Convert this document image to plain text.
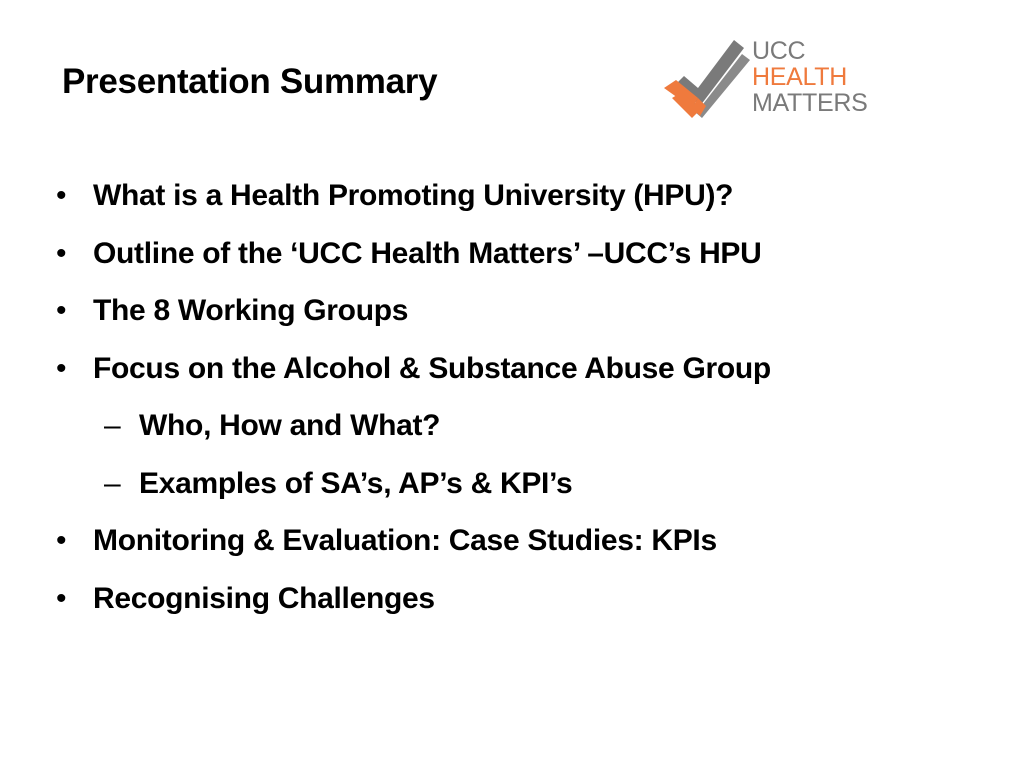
Presentation Summary
UCC
HEALTH
MATTERS
• What is a Health Promoting University (HPU)?
• Outline of the ‘UCC Health Matters’ –UCC’s HPU
• The 8 Working Groups
• Focus on the Alcohol & Substance Abuse Group
– Who, How and What?
– Examples of SA’s, AP’s & KPI’s
• Monitoring & Evaluation: Case Studies: KPIs
• Recognising Challenges
